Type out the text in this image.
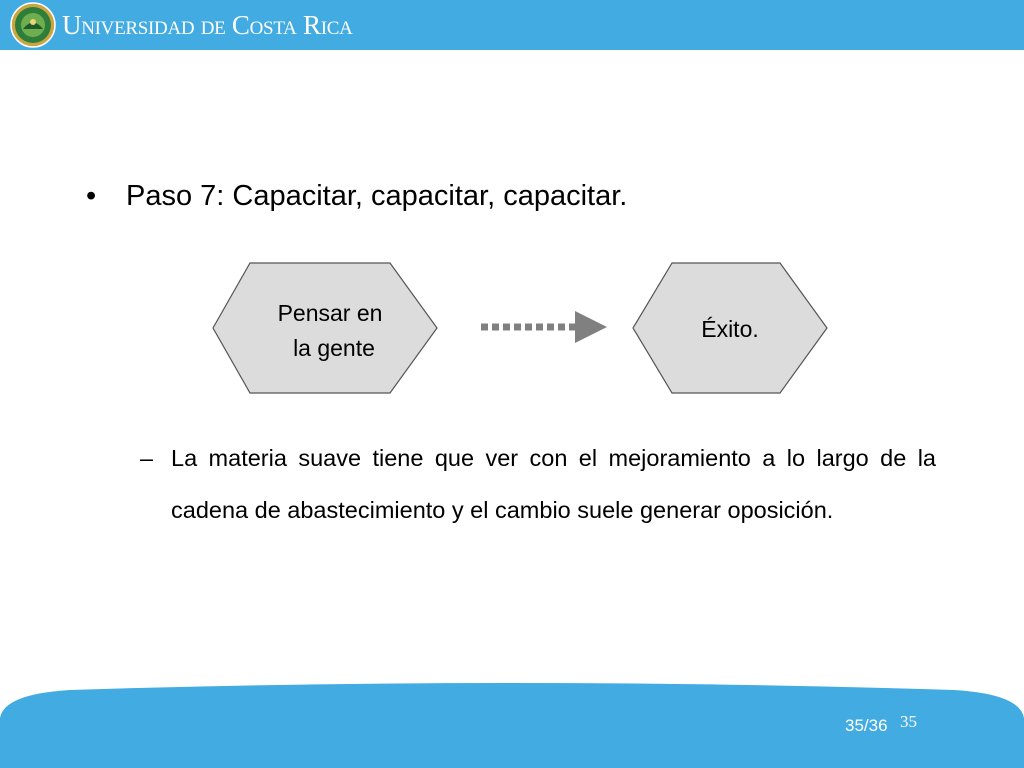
Universidad de Costa Rica
• Paso 7: Capacitar, capacitar, capacitar.
Pensar en
la gente
Éxito.
– La materia suave tiene que ver con el mejoramiento a lo largo de la cadena de abastecimiento y el cambio suele generar oposición.
35/36 35
